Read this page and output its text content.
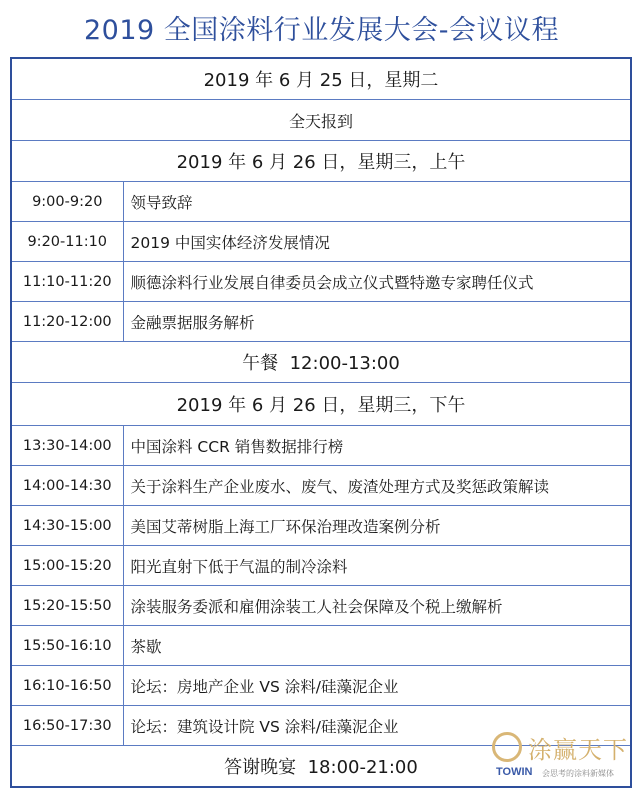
2019 全国涂料行业发展大会-会议议程
2019 年 6 月 25 日，星期二	
全天报到	
2019 年 6 月 26 日，星期三，上午	
9:00-9:20	领导致辞
9:20-11:10	2019 中国实体经济发展情况
11:10-11:20	顺德涂料行业发展自律委员会成立仪式暨特邀专家聘任仪式
11:20-12:00	金融票据服务解析
午餐  12:00-13:00	
2019 年 6 月 26 日，星期三，下午	
13:30-14:00	中国涂料 CCR 销售数据排行榜
14:00-14:30	关于涂料生产企业废水、废气、废渣处理方式及奖惩政策解读
14:30-15:00	美国艾蒂树脂上海工厂环保治理改造案例分析
15:00-15:20	阳光直射下低于气温的制冷涂料
15:20-15:50	涂装服务委派和雇佣涂装工人社会保障及个税上缴解析
15:50-16:10	茶歇
16:10-16:50	论坛：房地产企业 VS 涂料/硅藻泥企业
16:50-17:30	论坛：建筑设计院 VS 涂料/硅藻泥企业
答谢晚宴  18:00-21:00	
涂赢天下
TOWIN 会思考的涂料新媒体
